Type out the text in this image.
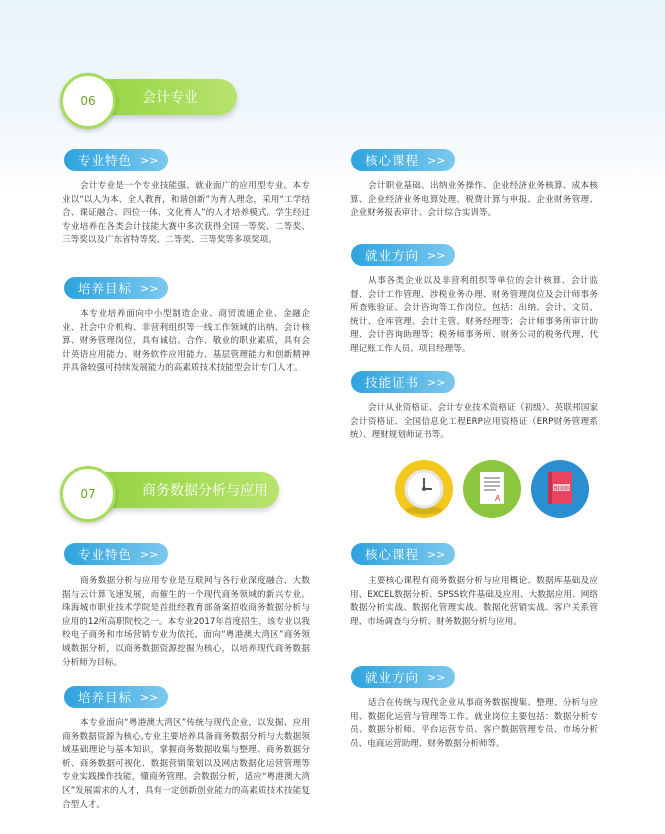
06	会计专业
专业特色 >>

会计专业是一个专业技能强、就业面广的应用型专业。本专业以“以人为本、全人教育，和谐创新”为育人理念，采用“工学结合、课证融合、四位一体、文化育人”的人才培养模式。学生经过专业培养在各类会计技能大赛中多次获得全国一等奖、二等奖、三等奖以及广东省特等奖、二等奖、三等奖等多项奖项。

培养目标 >>

本专业培养面向中小型制造企业、商贸流通企业、金融企业、社会中介机构、非营利组织等一线工作领域的出纳、会计核算、财务管理岗位，具有诚信、合作、敬业的职业素质，具有会计英语应用能力、财务软件应用能力、基层管理能力和创新精神并具备较强可持续发展能力的高素质技术技能型会计专门人才。

核心课程 >>

会计职业基础、出纳业务操作、企业经济业务核算、成本核算、企业经济业务电算处理、税费计算与申报、企业财务管理、企业财务报表审计、会计综合实训等。

就业方向 >>

从事各类企业以及非营利组织等单位的会计核算、会计监督、会计工作管理、涉税业务办理、财务管理岗位及会计师事务所查账验证、会计咨询等工作岗位。包括：出纳、会计、文员、统计、仓库管理、会计主管、财务经理等；会计师事务所审计助理、会计咨询助理等；税务师事务所、财务公司的税务代理、代理记账工作人员、项目经理等。

技能证书 >>

会计从业资格证、会计专业技术资格证（初级）、英联邦国家会计资格证、全国信息化工程ERP应用资格证（ERP财务管理系统）、理财规划师证书等。

07	商务数据分析与应用	A
BOOK
专业特色 >>

商务数据分析与应用专业是互联网与各行业深度融合、大数据与云计算飞速发展，而催生的一个现代商务领域的新兴专业。珠海城市职业技术学院是首批经教育部备案招收商务数据分析与应用的12所高职院校之一。本专业2017年首度招生，该专业以我校电子商务和市场营销专业为依托，面向“粤港澳大湾区”商务领域数据分析，以商务数据资源挖掘为核心，以培养现代商务数据分析师为目标。

培养目标 >>

本专业面向“粤港澳大湾区”传统与现代企业，以发掘、应用商务数据资源为核心,专业主要培养具备商务数据分析与大数据领域基础理论与基本知识，掌握商务数据收集与整理、商务数据分析、商务数据可视化、数据营销策划以及网店数据化运营管理等专业实践操作技能，懂商务管理、会数据分析，适应“粤港澳大湾区”发展需求的人才，具有一定创新创业能力的高素质技术技能复合型人才。

核心课程 >>

主要核心课程有商务数据分析与应用概论、数据库基础及应用、EXCEL数据分析、SPSS软件基础及应用、大数据应用、网络数据分析实战、数据化管理实战、数据化营销实战、客户关系管理、市场调查与分析、财务数据分析与应用。

就业方向 >>

适合在传统与现代企业从事商务数据搜集、整理、分析与应用、数据化运营与管理等工作。就业岗位主要包括：数据分析专员、数据分析师、平台运营专员、客户数据管理专员、市场分析员、电商运营助理、财务数据分析师等。
